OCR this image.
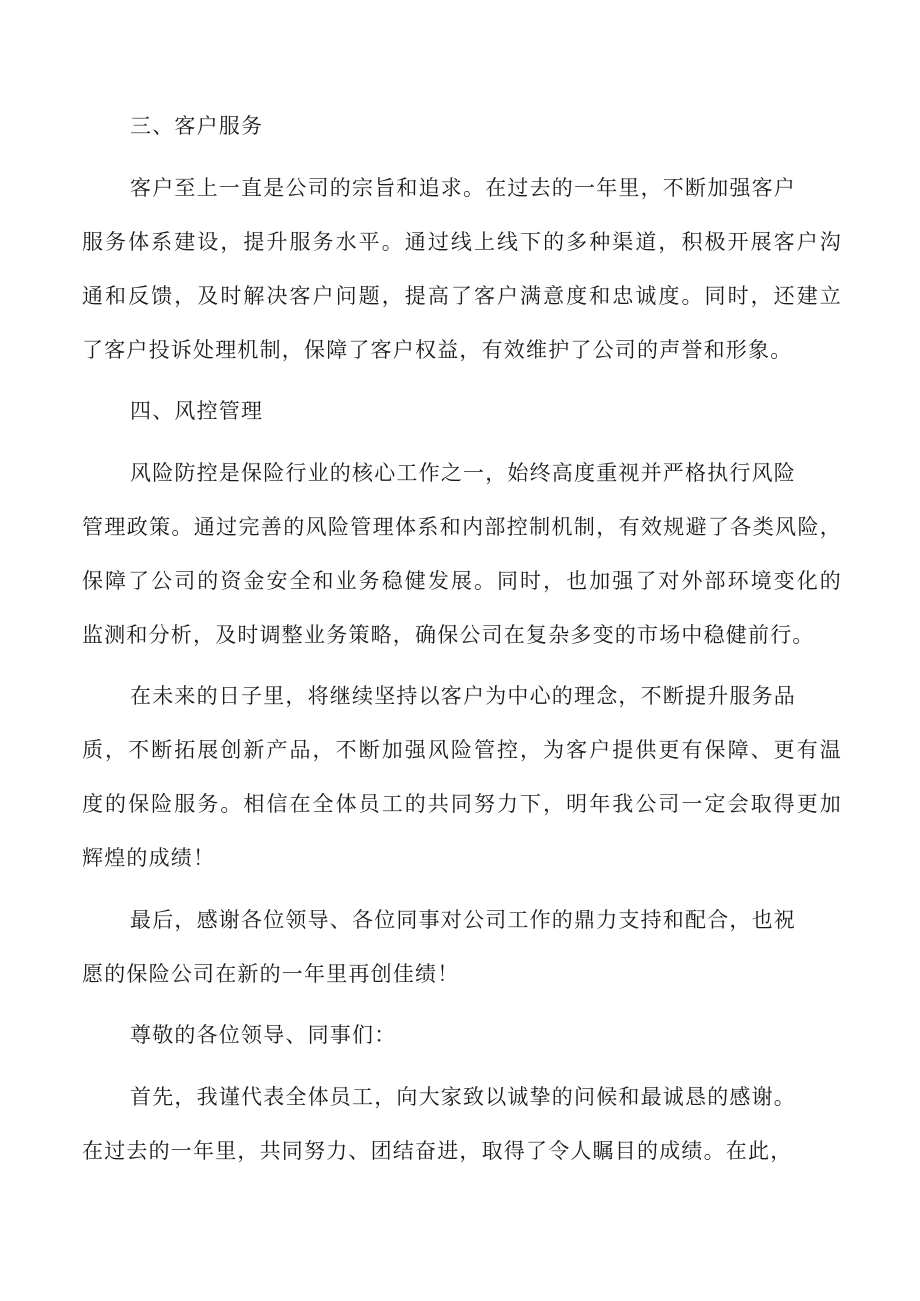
三、客户服务
客户至上一直是公司的宗旨和追求。在过去的一年里，不断加强客户
服务体系建设，提升服务水平。通过线上线下的多种渠道，积极开展客户沟
通和反馈，及时解决客户问题，提高了客户满意度和忠诚度。同时，还建立
了客户投诉处理机制，保障了客户权益，有效维护了公司的声誉和形象。
四、风控管理
风险防控是保险行业的核心工作之一，始终高度重视并严格执行风险
管理政策。通过完善的风险管理体系和内部控制机制，有效规避了各类风险，
保障了公司的资金安全和业务稳健发展。同时，也加强了对外部环境变化的
监测和分析，及时调整业务策略，确保公司在复杂多变的市场中稳健前行。
在未来的日子里，将继续坚持以客户为中心的理念，不断提升服务品
质，不断拓展创新产品，不断加强风险管控，为客户提供更有保障、更有温
度的保险服务。相信在全体员工的共同努力下，明年我公司一定会取得更加
辉煌的成绩！
最后，感谢各位领导、各位同事对公司工作的鼎力支持和配合，也祝
愿的保险公司在新的一年里再创佳绩！
尊敬的各位领导、同事们：
首先，我谨代表全体员工，向大家致以诚挚的问候和最诚恳的感谢。
在过去的一年里，共同努力、团结奋进，取得了令人瞩目的成绩。在此，
